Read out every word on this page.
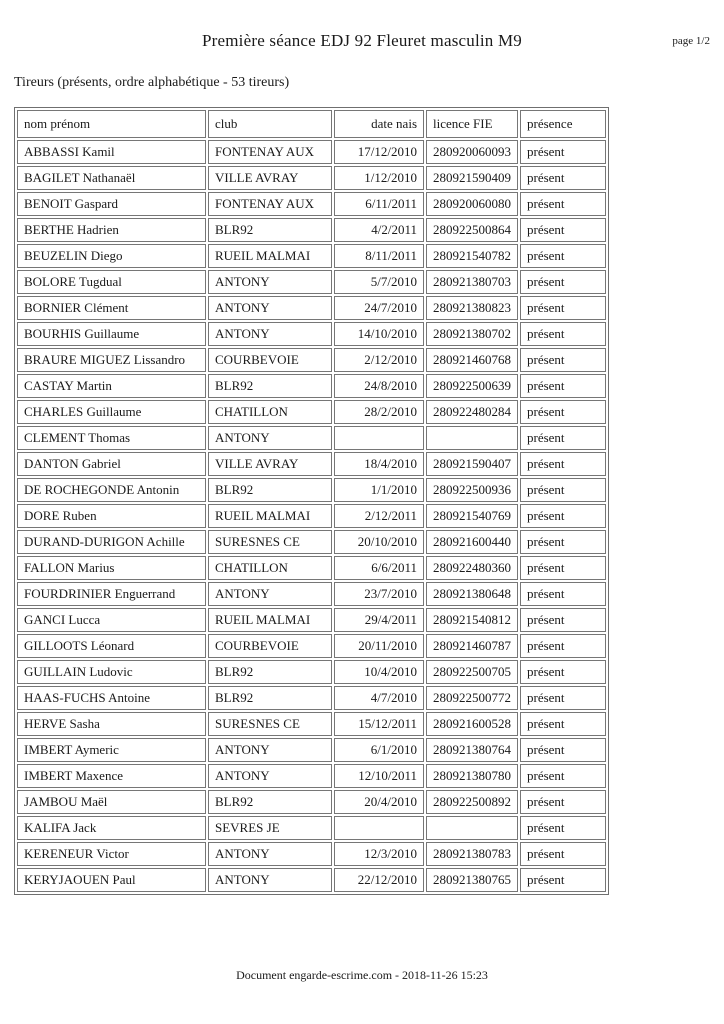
Première séance EDJ 92 Fleuret masculin M9	page 1/2
Tireurs (présents, ordre alphabétique - 53 tireurs)
nom prénom	club	date nais	licence FIE	présence
ABBASSI Kamil	FONTENAY AUX	17/12/2010	280920060093	présent
BAGILET Nathanaël	VILLE AVRAY	1/12/2010	280921590409	présent
BENOIT Gaspard	FONTENAY AUX	6/11/2011	280920060080	présent
BERTHE Hadrien	BLR92	4/2/2011	280922500864	présent
BEUZELIN Diego	RUEIL MALMAI	8/11/2011	280921540782	présent
BOLORE Tugdual	ANTONY	5/7/2010	280921380703	présent
BORNIER Clément	ANTONY	24/7/2010	280921380823	présent
BOURHIS Guillaume	ANTONY	14/10/2010	280921380702	présent
BRAURE MIGUEZ Lissandro	COURBEVOIE	2/12/2010	280921460768	présent
CASTAY Martin	BLR92	24/8/2010	280922500639	présent
CHARLES Guillaume	CHATILLON	28/2/2010	280922480284	présent
CLEMENT Thomas	ANTONY			présent
DANTON Gabriel	VILLE AVRAY	18/4/2010	280921590407	présent
DE ROCHEGONDE Antonin	BLR92	1/1/2010	280922500936	présent
DORE Ruben	RUEIL MALMAI	2/12/2011	280921540769	présent
DURAND-DURIGON Achille	SURESNES CE	20/10/2010	280921600440	présent
FALLON Marius	CHATILLON	6/6/2011	280922480360	présent
FOURDRINIER Enguerrand	ANTONY	23/7/2010	280921380648	présent
GANCI Lucca	RUEIL MALMAI	29/4/2011	280921540812	présent
GILLOOTS Léonard	COURBEVOIE	20/11/2010	280921460787	présent
GUILLAIN Ludovic	BLR92	10/4/2010	280922500705	présent
HAAS-FUCHS Antoine	BLR92	4/7/2010	280922500772	présent
HERVE Sasha	SURESNES CE	15/12/2011	280921600528	présent
IMBERT Aymeric	ANTONY	6/1/2010	280921380764	présent
IMBERT Maxence	ANTONY	12/10/2011	280921380780	présent
JAMBOU Maël	BLR92	20/4/2010	280922500892	présent
KALIFA Jack	SEVRES JE			présent
KERENEUR Victor	ANTONY	12/3/2010	280921380783	présent
KERYJAOUEN Paul	ANTONY	22/12/2010	280921380765	présent
Document engarde-escrime.com - 2018-11-26 15:23
